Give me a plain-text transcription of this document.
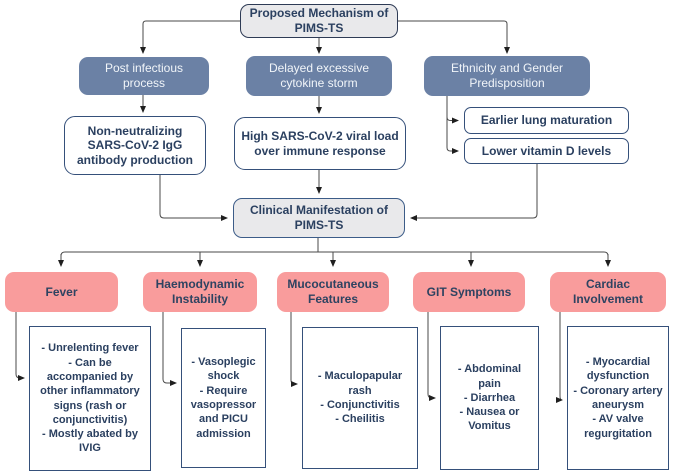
Proposed Mechanism of PIMS-TS
Post infectious process
Delayed excessive cytokine storm
Ethnicity and Gender Predisposition
Non-neutralizing SARS-CoV-2 IgG antibody production
High SARS-CoV-2 viral load over immune response
Earlier lung maturation
Lower vitamin D levels
Clinical Manifestation of PIMS-TS
Fever
Haemodynamic Instability
Mucocutaneous Features
GIT Symptoms
Cardiac Involvement
- Unrelenting fever
- Can be accompanied by other inflammatory signs (rash or conjunctivitis)
- Mostly abated by IVIG
- Vasoplegic shock
- Require vasopressor and PICU admission
- Maculopapular rash
- Conjunctivitis
- Cheilitis
- Abdominal pain
- Diarrhea
- Nausea or Vomitus
- Myocardial dysfunction
- Coronary artery aneurysm
- AV valve regurgitation
